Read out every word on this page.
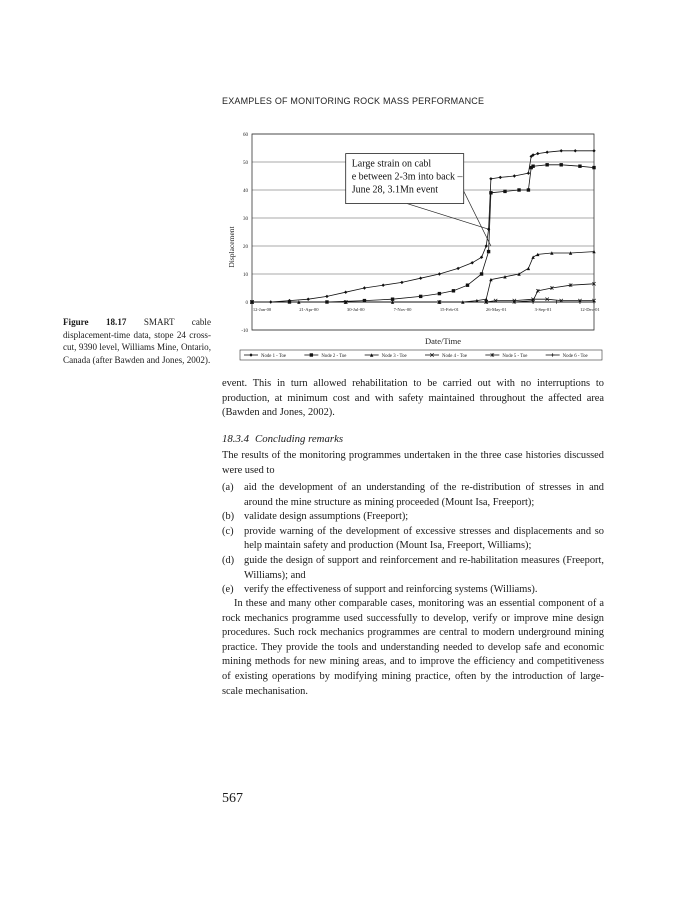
EXAMPLES OF MONITORING ROCK MASS PERFORMANCE
-10
0
10
20
30
40
50
60
12-Jan-00	21-Apr-00	30-Jul-00	7-Nov-00	15-Feb-01	26-May-01	3-Sep-01	12-Dec-01
Displacement
Date/Time
Large strain on cabl
e between 2-3m into back –
June 28, 3.1Mn event
Node 1 - Toe	Node 2 - Toe	Node 3 - Toe	Node 4 - Toe	Node 5 - Toe	Node 6 - Toe
Figure 18.17 SMART cable displacement-time data, stope 24 cross-cut, 9390 level, Williams Mine, Ontario, Canada (after Bawden and Jones, 2002).

event. This in turn allowed rehabilitation to be carried out with no interruptions to production, at minimum cost and with safety maintained throughout the affected area (Bawden and Jones, 2002).

18.3.4 Concluding remarks

The results of the monitoring programmes undertaken in the three case histories discussed were used to

(a) aid the development of an understanding of the re-distribution of stresses in and around the mine structure as mining proceeded (Mount Isa, Freeport);
(b) validate design assumptions (Freeport);
(c) provide warning of the development of excessive stresses and displacements and so help maintain safety and production (Mount Isa, Freeport, Williams);
(d) guide the design of support and reinforcement and re-habilitation measures (Freeport, Williams); and
(e) verify the effectiveness of support and reinforcing systems (Williams).

In these and many other comparable cases, monitoring was an essential component of a rock mechanics programme used successfully to develop, verify or improve mine design procedures. Such rock mechanics programmes are central to modern underground mining practice. They provide the tools and understanding needed to develop safe and economic mining methods for new mining areas, and to improve the efficiency and competitiveness of existing operations by modifying mining practice, often by the introduction of large-scale mechanisation.

567
